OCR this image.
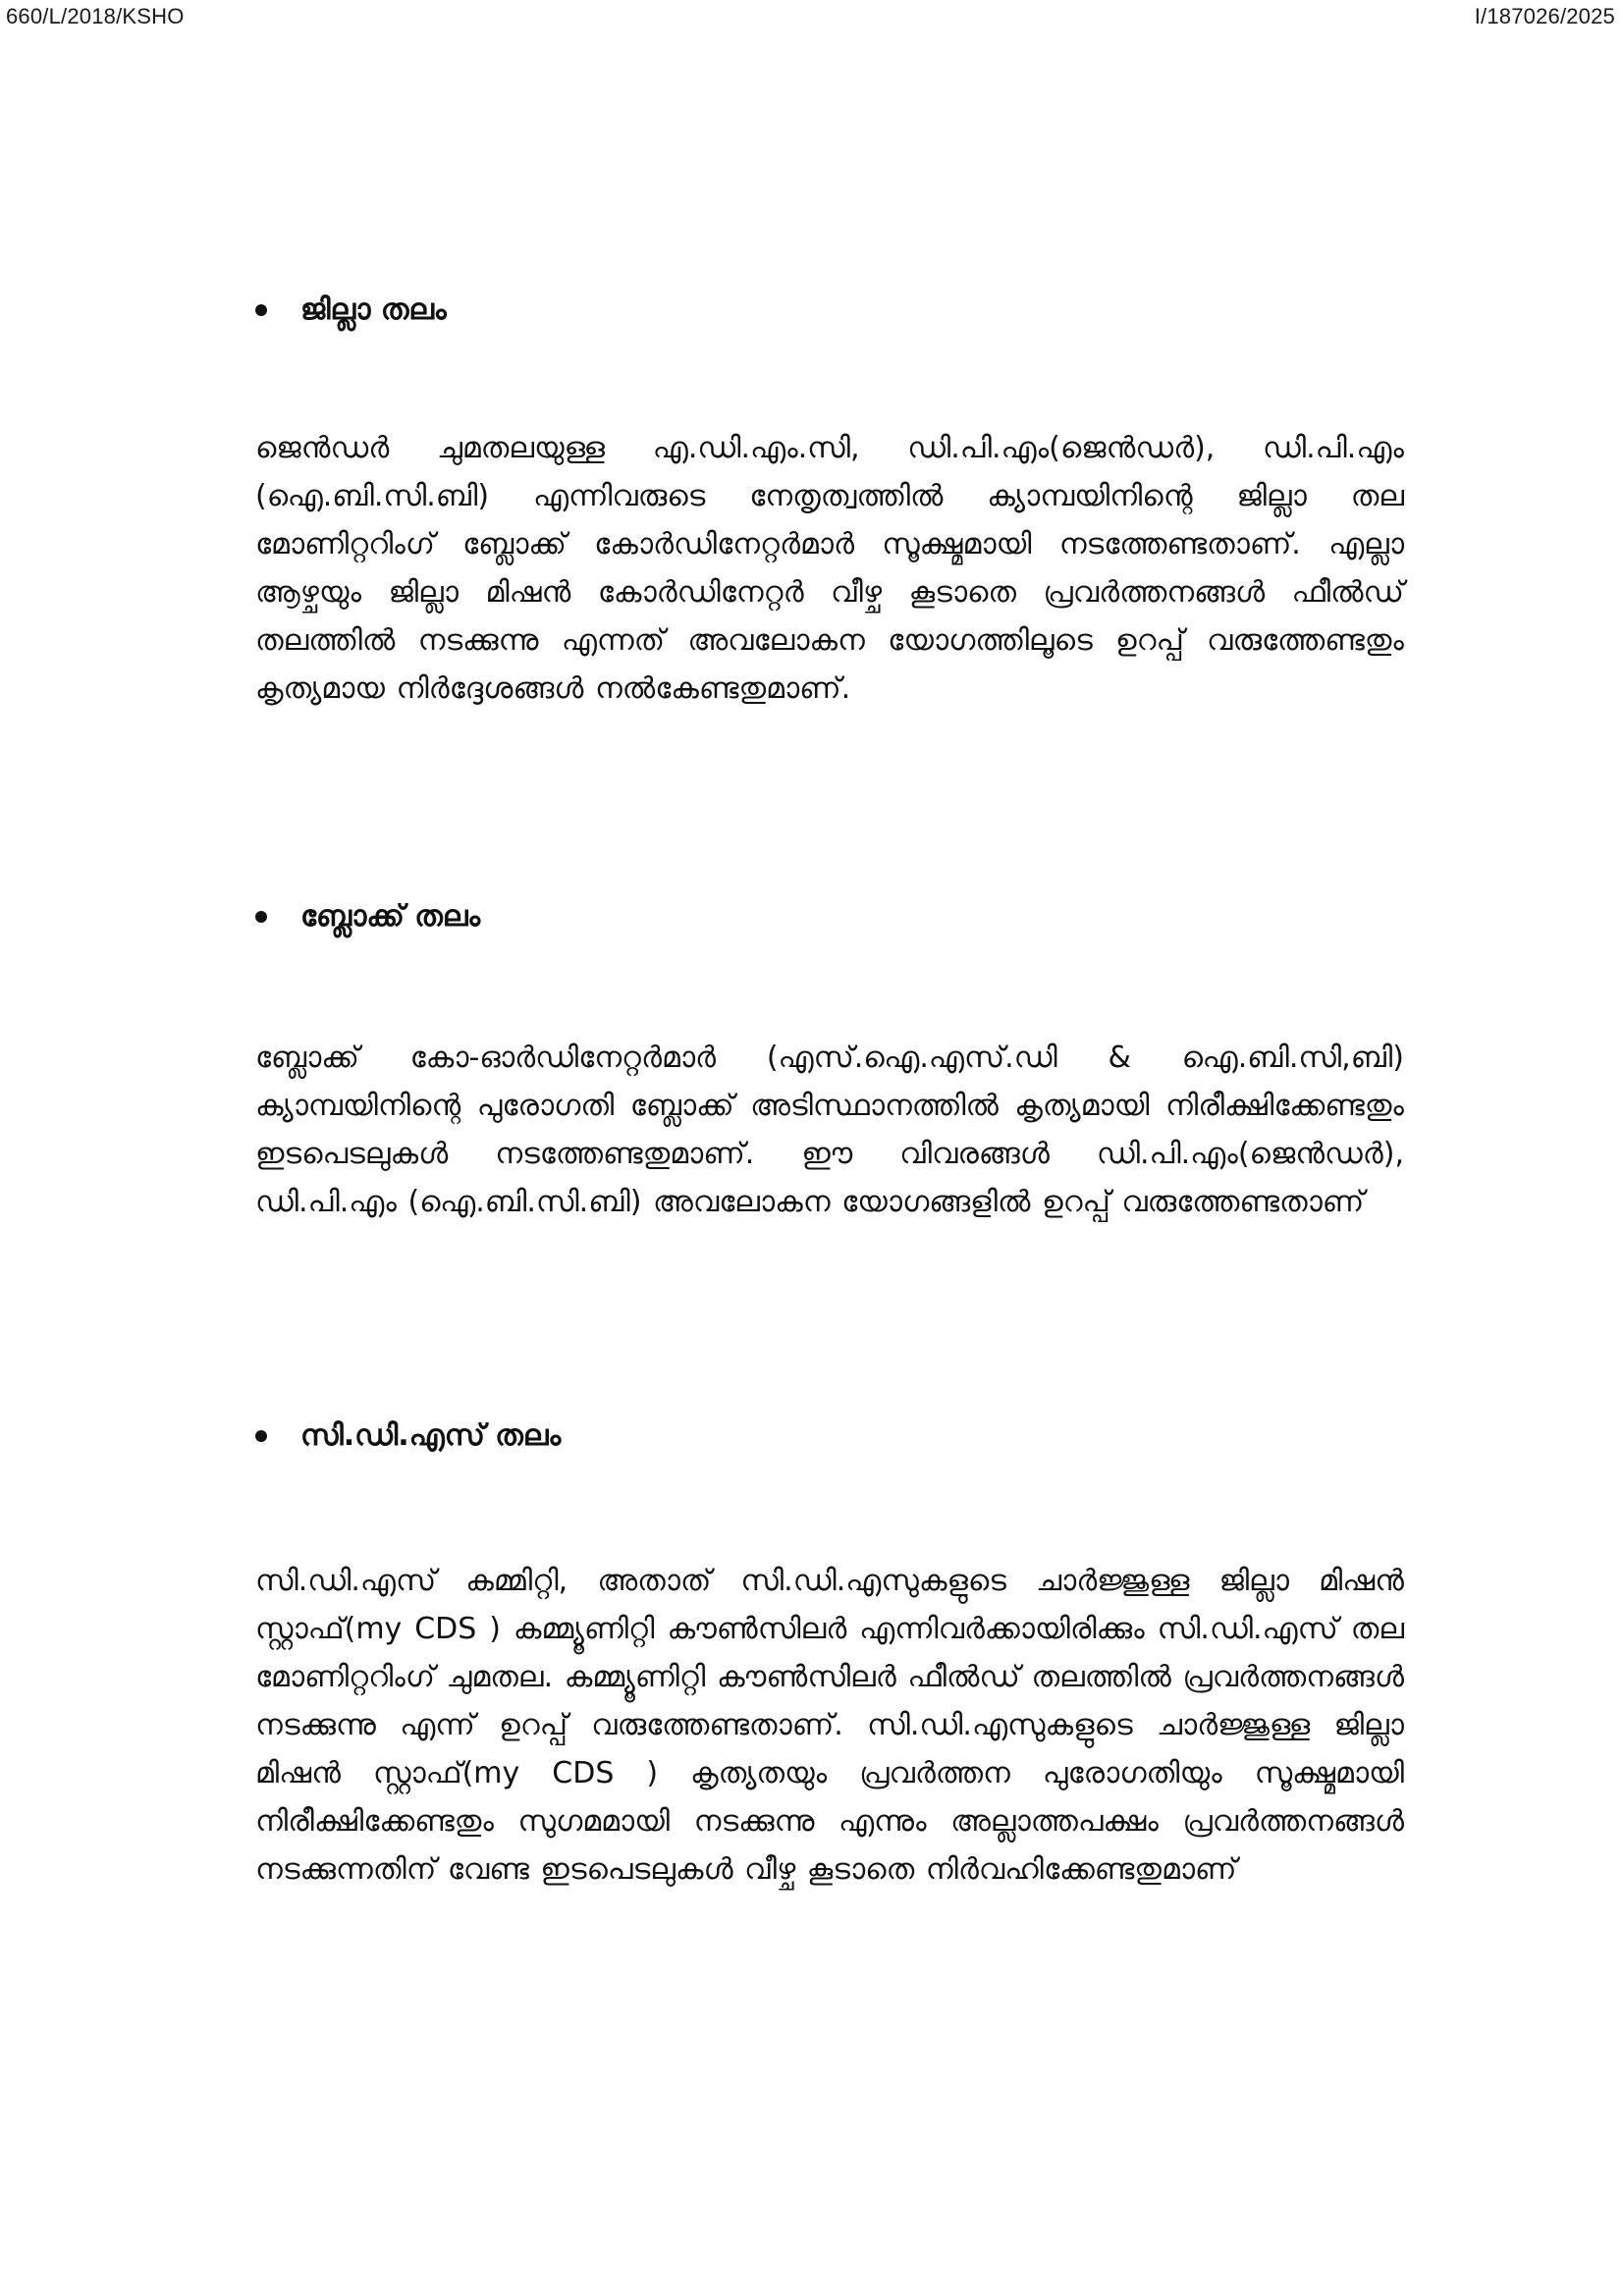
660/L/2018/KSHO	I/187026/2025
ജില്ലാ തലം
ജെൻഡർ ചുമതലയുള്ള എ.ഡി.എം.സി, ഡി.പി.എം(ജെൻഡർ), ഡി.പി.എം (ഐ.ബി.സി.ബി) എന്നിവരുടെ നേതൃത്വത്തിൽ ക്യാമ്പയിനിന്റെ ജില്ലാ തല മോണിറ്ററിംഗ് ബ്ലോക്ക് കോർഡിനേറ്റർമാർ സൂക്ഷ്മമായി നടത്തേണ്ടതാണ്. എല്ലാ ആഴ്ചയും ജില്ലാ മിഷൻ കോർഡിനേറ്റർ വീഴ്ച കൂടാതെ പ്രവർത്തനങ്ങൾ ഫീൽഡ് തലത്തിൽ നടക്കുന്നു എന്നത് അവലോകന യോഗത്തിലൂടെ ഉറപ്പ് വരുത്തേണ്ടതും കൃത്യമായ നിർദ്ദേശങ്ങൾ നൽകേണ്ടതുമാണ്.
ബ്ലോക്ക് തലം
ബ്ലോക്ക് കോ-ഓർഡിനേറ്റർമാർ (എസ്.ഐ.എസ്.ഡി & ഐ.ബി.സി,ബി) ക്യാമ്പയിനിന്റെ പുരോഗതി ബ്ലോക്ക് അടിസ്ഥാനത്തിൽ കൃത്യമായി നിരീക്ഷിക്കേണ്ടതും ഇടപെടലുകൾ നടത്തേണ്ടതുമാണ്. ഈ വിവരങ്ങൾ ഡി.പി.എം(ജെൻഡർ), ഡി.പി.എം (ഐ.ബി.സി.ബി) അവലോകന യോഗങ്ങളിൽ ഉറപ്പ് വരുത്തേണ്ടതാണ്
സി.ഡി.എസ് തലം
സി.ഡി.എസ് കമ്മിറ്റി, അതാത് സി.ഡി.എസുകളുടെ ചാർജ്ജുള്ള ജില്ലാ മിഷൻ സ്റ്റാഫ്(my CDS ) കമ്മ്യൂണിറ്റി കൗൺസിലർ എന്നിവർക്കായിരിക്കും സി.ഡി.എസ് തല മോണിറ്ററിംഗ് ചുമതല. കമ്മ്യൂണിറ്റി കൗൺസിലർ ഫീൽഡ് തലത്തിൽ പ്രവർത്തനങ്ങൾ നടക്കുന്നു എന്ന് ഉറപ്പ് വരുത്തേണ്ടതാണ്. സി.ഡി.എസുകളുടെ ചാർജ്ജുള്ള ജില്ലാ മിഷൻ സ്റ്റാഫ്(my CDS ) കൃത്യതയും പ്രവർത്തന പുരോഗതിയും സൂക്ഷ്മമായി നിരീക്ഷിക്കേണ്ടതും സുഗമമായി നടക്കുന്നു എന്നും അല്ലാത്തപക്ഷം പ്രവർത്തനങ്ങൾ നടക്കുന്നതിന് വേണ്ട ഇടപെടലുകൾ വീഴ്ച കൂടാതെ നിർവഹിക്കേണ്ടതുമാണ്
